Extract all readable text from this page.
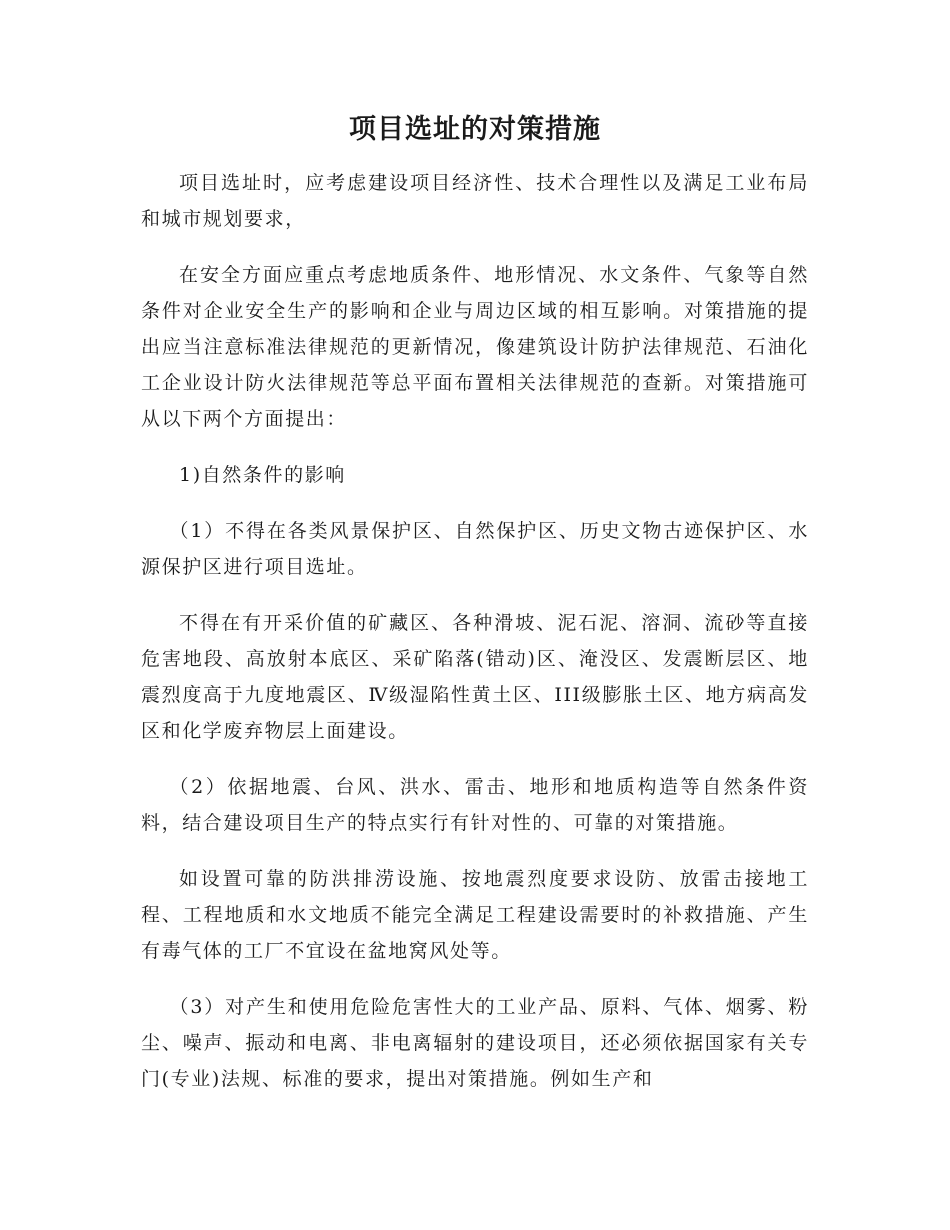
项目选址的对策措施

项目选址时，应考虑建设项目经济性、技术合理性以及满足工业布局和城市规划要求，

在安全方面应重点考虑地质条件、地形情况、水文条件、气象等自然条件对企业安全生产的影响和企业与周边区域的相互影响。对策措施的提出应当注意标准法律规范的更新情况，像建筑设计防护法律规范、石油化工企业设计防火法律规范等总平面布置相关法律规范的查新。对策措施可从以下两个方面提出：

1)自然条件的影响

（1）不得在各类风景保护区、自然保护区、历史文物古迹保护区、水源保护区进行项目选址。

不得在有开采价值的矿藏区、各种滑坡、泥石泥、溶洞、流砂等直接危害地段、高放射本底区、采矿陷落(错动)区、淹没区、发震断层区、地震烈度高于九度地震区、Ⅳ级湿陷性黄土区、III级膨胀土区、地方病高发区和化学废弃物层上面建设。

（2）依据地震、台风、洪水、雷击、地形和地质构造等自然条件资料，结合建设项目生产的特点实行有针对性的、可靠的对策措施。

如设置可靠的防洪排涝设施、按地震烈度要求设防、放雷击接地工程、工程地质和水文地质不能完全满足工程建设需要时的补救措施、产生有毒气体的工厂不宜设在盆地窝风处等。

（3）对产生和使用危险危害性大的工业产品、原料、气体、烟雾、粉尘、噪声、振动和电离、非电离辐射的建设项目，还必须依据国家有关专门(专业)法规、标准的要求，提出对策措施。例如生产和
